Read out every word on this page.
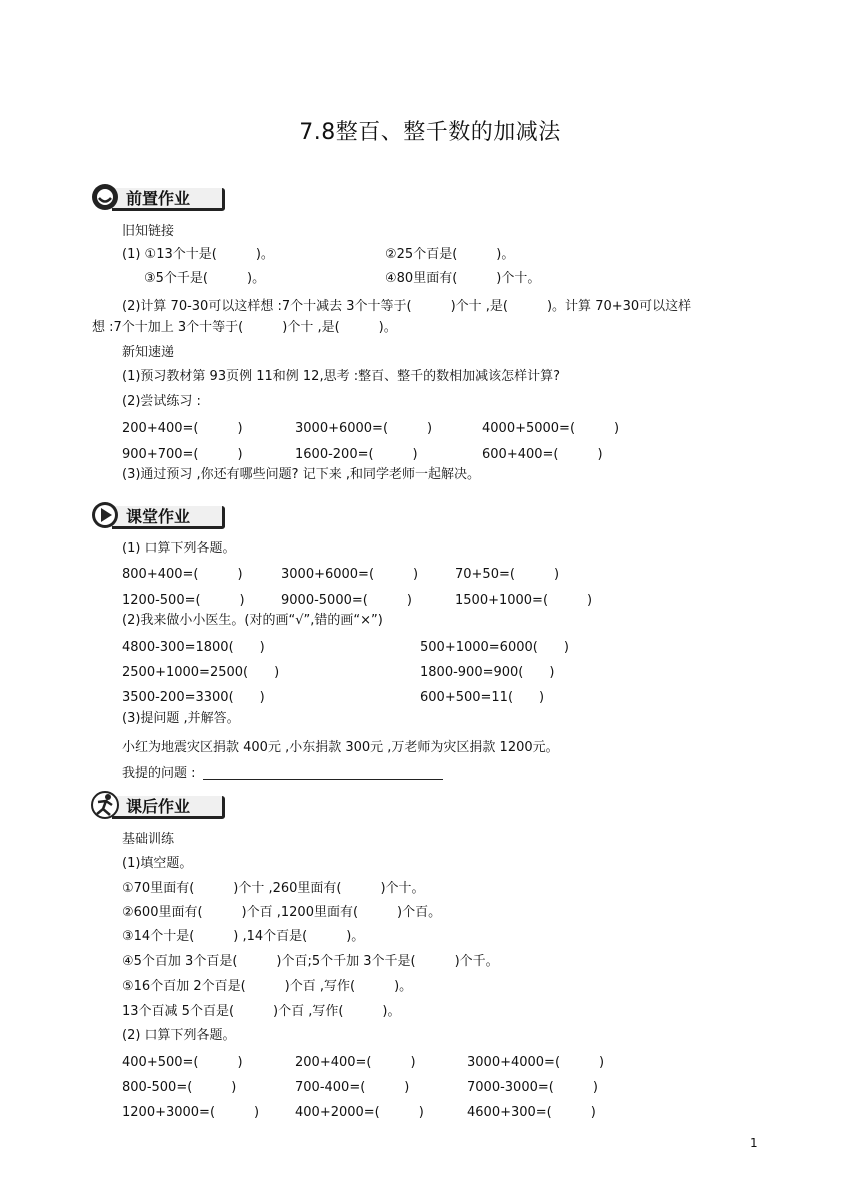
7.8整百、整千数的加减法
前置作业
旧知链接
(1) ①13个十是(　　　)。	②25个百是(　　　)。
③5个千是(　　　)。	④80里面有(　　　)个十。
(2)计算 70-30可以这样想 :7个十减去 3个十等于(　　　)个十 ,是(　　　)。计算 70+30可以这样
想 :7个十加上 3个十等于(　　　)个十 ,是(　　　)。
新知速递
(1)预习教材第 93页例 11和例 12,思考 :整百、整千的数相加减该怎样计算?
(2)尝试练习 :
200+400=(　　　)	3000+6000=(　　　)	4000+5000=(　　　)
900+700=(　　　)	1600-200=(　　　)	600+400=(　　　)
(3)通过预习 ,你还有哪些问题? 记下来 ,和同学老师一起解决。
课堂作业
(1) 口算下列各题。
800+400=(　　　)	3000+6000=(　　　)	70+50=(　　　)
1200-500=(　　　)	9000-5000=(　　　)	1500+1000=(　　　)
(2)我来做小小医生。(对的画“√”,错的画“×”)
4800-300=1800(　　)	500+1000=6000(　　)
2500+1000=2500(　　)	1800-900=900(　　)
3500-200=3300(　　)	600+500=11(　　)
(3)提问题 ,并解答。
小红为地震灾区捐款 400元 ,小东捐款 300元 ,万老师为灾区捐款 1200元。
我提的问题 :
课后作业
基础训练
(1)填空题。
①70里面有(　　　)个十 ,260里面有(　　　)个十。
②600里面有(　　　)个百 ,1200里面有(　　　)个百。
③14个十是(　　　) ,14个百是(　　　)。
④5个百加 3个百是(　　　)个百;5个千加 3个千是(　　　)个千。
⑤16个百加 2个百是(　　　)个百 ,写作(　　　)。
13个百减 5个百是(　　　)个百 ,写作(　　　)。
(2) 口算下列各题。
400+500=(　　　)	200+400=(　　　)	3000+4000=(　　　)
800-500=(　　　)	700-400=(　　　)	7000-3000=(　　　)
1200+3000=(　　　)	400+2000=(　　　)	4600+300=(　　　)
1
